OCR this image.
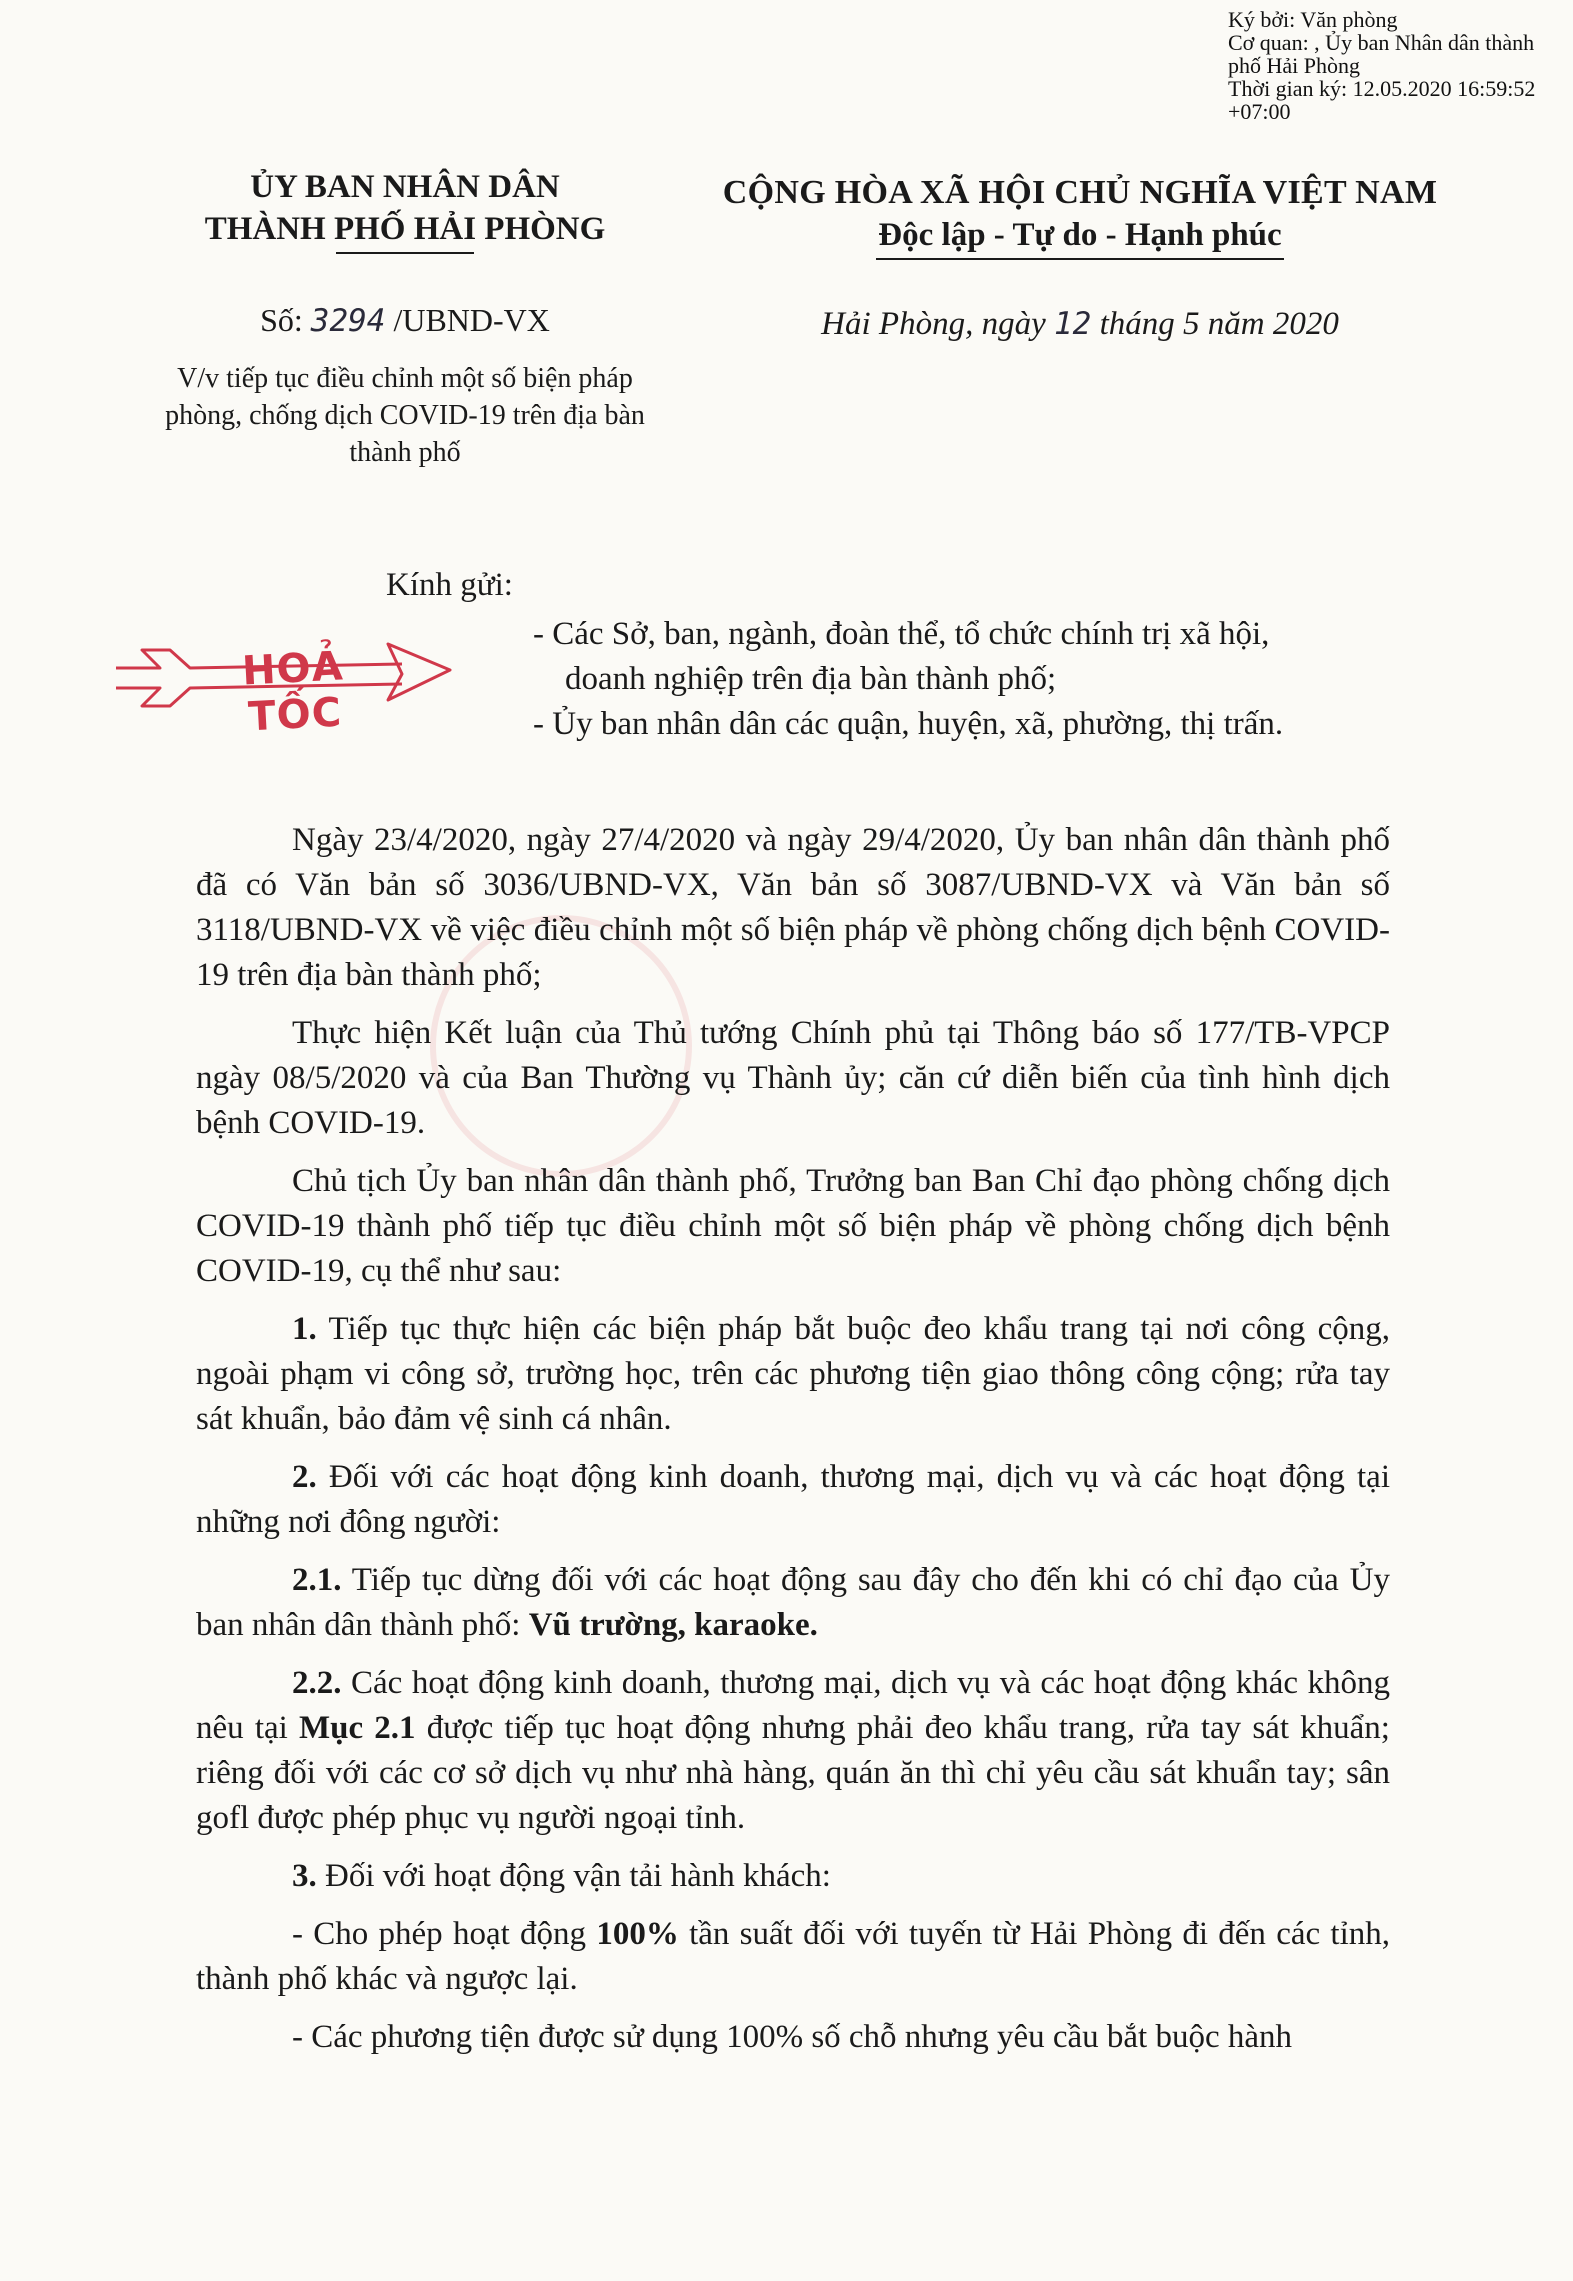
Ký bởi: Văn phòng
Cơ quan: , Ủy ban Nhân dân thành phố Hải Phòng
Thời gian ký: 12.05.2020 16:59:52 +07:00
ỦY BAN NHÂN DÂN
THÀNH PHỐ HẢI PHÒNG
CỘNG HÒA XÃ HỘI CHỦ NGHĨA VIỆT NAM
Độc lập - Tự do - Hạnh phúc
Số: 3294 /UBND-VX
V/v tiếp tục điều chỉnh một số biện pháp phòng, chống dịch COVID-19 trên địa bàn thành phố
Hải Phòng, ngày 12 tháng 5 năm 2020
Kính gửi:
HOẢ TỐC
- Các Sở, ban, ngành, đoàn thể, tổ chức chính trị xã hội,
doanh nghiệp trên địa bàn thành phố;
- Ủy ban nhân dân các quận, huyện, xã, phường, thị trấn.

Ngày 23/4/2020, ngày 27/4/2020 và ngày 29/4/2020, Ủy ban nhân dân thành phố đã có Văn bản số 3036/UBND-VX, Văn bản số 3087/UBND-VX và Văn bản số 3118/UBND-VX về việc điều chỉnh một số biện pháp về phòng chống dịch bệnh COVID-19 trên địa bàn thành phố;

Thực hiện Kết luận của Thủ tướng Chính phủ tại Thông báo số 177/TB-VPCP ngày 08/5/2020 và của Ban Thường vụ Thành ủy; căn cứ diễn biến của tình hình dịch bệnh COVID-19.

Chủ tịch Ủy ban nhân dân thành phố, Trưởng ban Ban Chỉ đạo phòng chống dịch COVID-19 thành phố tiếp tục điều chỉnh một số biện pháp về phòng chống dịch bệnh COVID-19, cụ thể như sau:

1. Tiếp tục thực hiện các biện pháp bắt buộc đeo khẩu trang tại nơi công cộng, ngoài phạm vi công sở, trường học, trên các phương tiện giao thông công cộng; rửa tay sát khuẩn, bảo đảm vệ sinh cá nhân.

2. Đối với các hoạt động kinh doanh, thương mại, dịch vụ và các hoạt động tại những nơi đông người:

2.1. Tiếp tục dừng đối với các hoạt động sau đây cho đến khi có chỉ đạo của Ủy ban nhân dân thành phố: Vũ trường, karaoke.

2.2. Các hoạt động kinh doanh, thương mại, dịch vụ và các hoạt động khác không nêu tại Mục 2.1 được tiếp tục hoạt động nhưng phải đeo khẩu trang, rửa tay sát khuẩn; riêng đối với các cơ sở dịch vụ như nhà hàng, quán ăn thì chỉ yêu cầu sát khuẩn tay; sân gofl được phép phục vụ người ngoại tỉnh.

3. Đối với hoạt động vận tải hành khách:

- Cho phép hoạt động 100% tần suất đối với tuyến từ Hải Phòng đi đến các tỉnh, thành phố khác và ngược lại.

- Các phương tiện được sử dụng 100% số chỗ nhưng yêu cầu bắt buộc hành
